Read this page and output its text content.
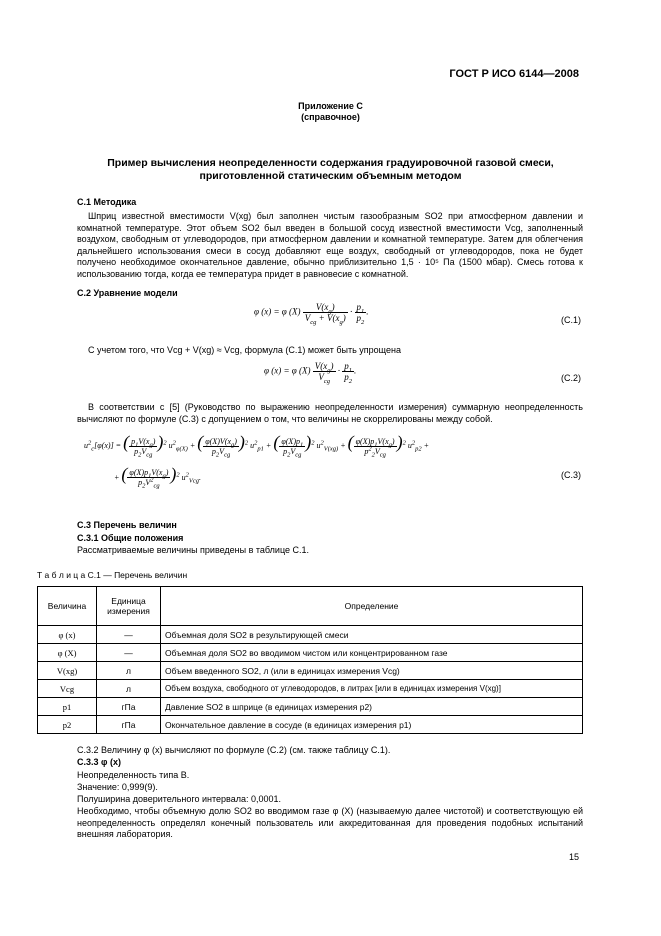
ГОСТ Р ИСО 6144—2008
Приложение С
(справочное)
Пример вычисления неопределенности содержания градуировочной газовой смеси,
приготовленной статическим объемным методом
С.1 Методика
Шприц известной вместимости V(xg) был заполнен чистым газообразным SO2 при атмосферном давлении и комнатной температуре. Этот объем SO2 был введен в большой сосуд известной вместимости Vcg, заполненный воздухом, свободным от углеводородов, при атмосферном давлении и комнатной температуре. Затем для облегчения дальнейшего использования смеси в сосуд добавляют еще воздух, свободный от углеводородов, пока не будет получено необходимое окончательное давление, обычно приблизительно 1,5 · 10⁵ Па (1500 мбар). Смесь готова к использованию тогда, когда ее температура придет в равновесие с комнатной.
С.2 Уравнение модели
φ (x) = φ $(X) \frac{V(x_g)}{V_{cg} + V(x_g)} \cdot \frac{p_1}{p_2}$ .
(С.1)
С учетом того, что Vcg + V(xg) ≈ Vcg, формула (С.1) может быть упрощена
φ (x) = φ $(X) \frac{V(x_g)}{V_{cg}} \cdot \frac{p_1}{p_2}$ .
(С.2)
В соответствии с [5] (Руководство по выражению неопределенности измерения) суммарную неопределенность вычисляют по формуле (С.3) с допущением о том, что величины не скоррелированы между собой.
$u^2_c[\varphi(x)]$ = ( $\frac{p_1V(x_g)}{p_2V_{cg}} )^2$ $u^2_{\varphi(X)}$ + ( $\frac{\varphi(X)V(x_g)}{p_2V_{cg}} )^2$ $u^2_{p1}$ + ( $\frac{\varphi(X)p_1}{p_2V_{cg}} )^2$ $u^2_{V(xg)}$ + ( $\frac{\varphi(X)p_1V(x_g)}{p^2_2V_{cg}} )^2$ $u^2_{p2}$ +
+ ( $\frac{\varphi(X)p_1V(x_g)}{p_2V^2_{cg}} )^2$ $u^2_{Vcg}$.	(С.3)
С.3 Перечень величин
С.3.1 Общие положения
Рассматриваемые величины приведены в таблице С.1.
Т а б л и ц а С.1 — Перечень величин
Величина	Единица измерения	Определение
φ (x)	—	Объемная доля SO2 в результирующей смеси
φ (X)	—	Объемная доля SO2 во вводимом чистом или концентрированном газе
V(xg)	л	Объем введенного SO2, л (или в единицах измерения Vcg)
Vcg	л	Объем воздуха, свободного от углеводородов, в литрах [или в единицах измерения V(xg)]
p1	гПа	Давление SO2 в шприце (в единицах измерения p2)
p2	гПа	Окончательное давление в сосуде (в единицах измерения p1)
С.3.2 Величину φ (x) вычисляют по формуле (С.2) (см. также таблицу С.1).
С.3.3 φ (x)
Неопределенность типа В.
Значение: 0,999(9).
Полуширина доверительного интервала: 0,0001.
Необходимо, чтобы объемную долю SO2 во вводимом газе φ (X) (называемую далее чистотой) и соответствующую ей неопределенность определял конечный пользователь или аккредитованная для проведения подобных испытаний внешняя лаборатория.
15
